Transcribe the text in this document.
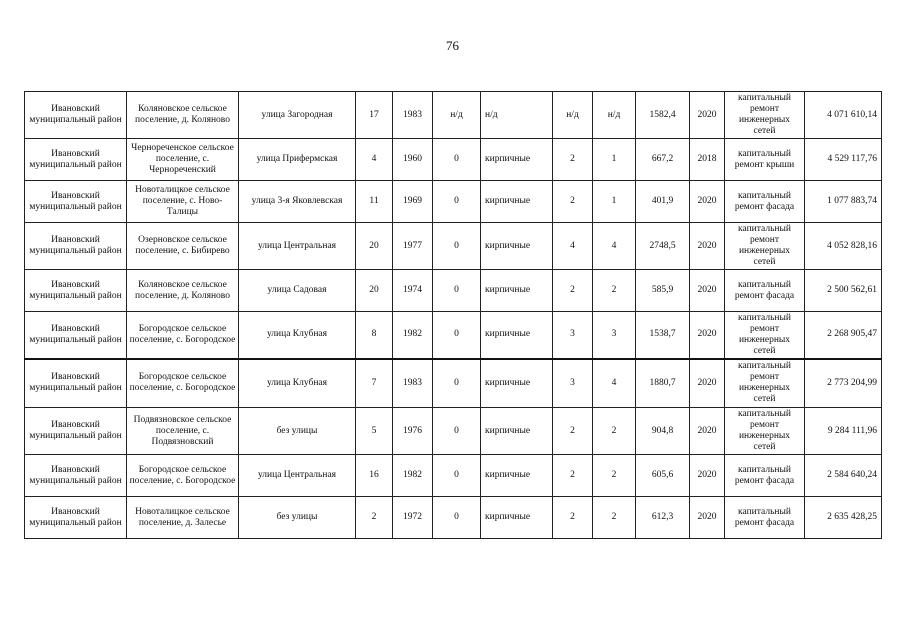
76
Ивановский муниципальный район	Коляновское сельское поселение, д. Коляново	улица Загородная	17	1983	н/д	н/д	н/д	н/д	1582,4	2020	капитальный ремонт инженерных сетей	4 071 610,14
Ивановский муниципальный район	Чернореченское сельское поселение, с. Чернореченский	улица Прифермская	4	1960	0	кирпичные	2	1	667,2	2018	капитальный ремонт крыши	4 529 117,76
Ивановский муниципальный район	Новоталицкое сельское поселение, с. Ново-Талицы	улица 3-я Яковлевская	11	1969	0	кирпичные	2	1	401,9	2020	капитальный ремонт фасада	1 077 883,74
Ивановский муниципальный район	Озерновское сельское поселение, с. Бибирево	улица Центральная	20	1977	0	кирпичные	4	4	2748,5	2020	капитальный ремонт инженерных сетей	4 052 828,16
Ивановский муниципальный район	Коляновское сельское поселение, д. Коляново	улица Садовая	20	1974	0	кирпичные	2	2	585,9	2020	капитальный ремонт фасада	2 500 562,61
Ивановский муниципальный район	Богородское сельское поселение, с. Богородское	улица Клубная	8	1982	0	кирпичные	3	3	1538,7	2020	капитальный ремонт инженерных сетей	2 268 905,47
Ивановский муниципальный район	Богородское сельское поселение, с. Богородское	улица Клубная	7	1983	0	кирпичные	3	4	1880,7	2020	капитальный ремонт инженерных сетей	2 773 204,99
Ивановский муниципальный район	Подвязновское сельское поселение, с. Подвязновский	без улицы	5	1976	0	кирпичные	2	2	904,8	2020	капитальный ремонт инженерных сетей	9 284 111,96
Ивановский муниципальный район	Богородское сельское поселение, с. Богородское	улица Центральная	16	1982	0	кирпичные	2	2	605,6	2020	капитальный ремонт фасада	2 584 640,24
Ивановский муниципальный район	Новоталицкое сельское поселение, д. Залесье	без улицы	2	1972	0	кирпичные	2	2	612,3	2020	капитальный ремонт фасада	2 635 428,25
